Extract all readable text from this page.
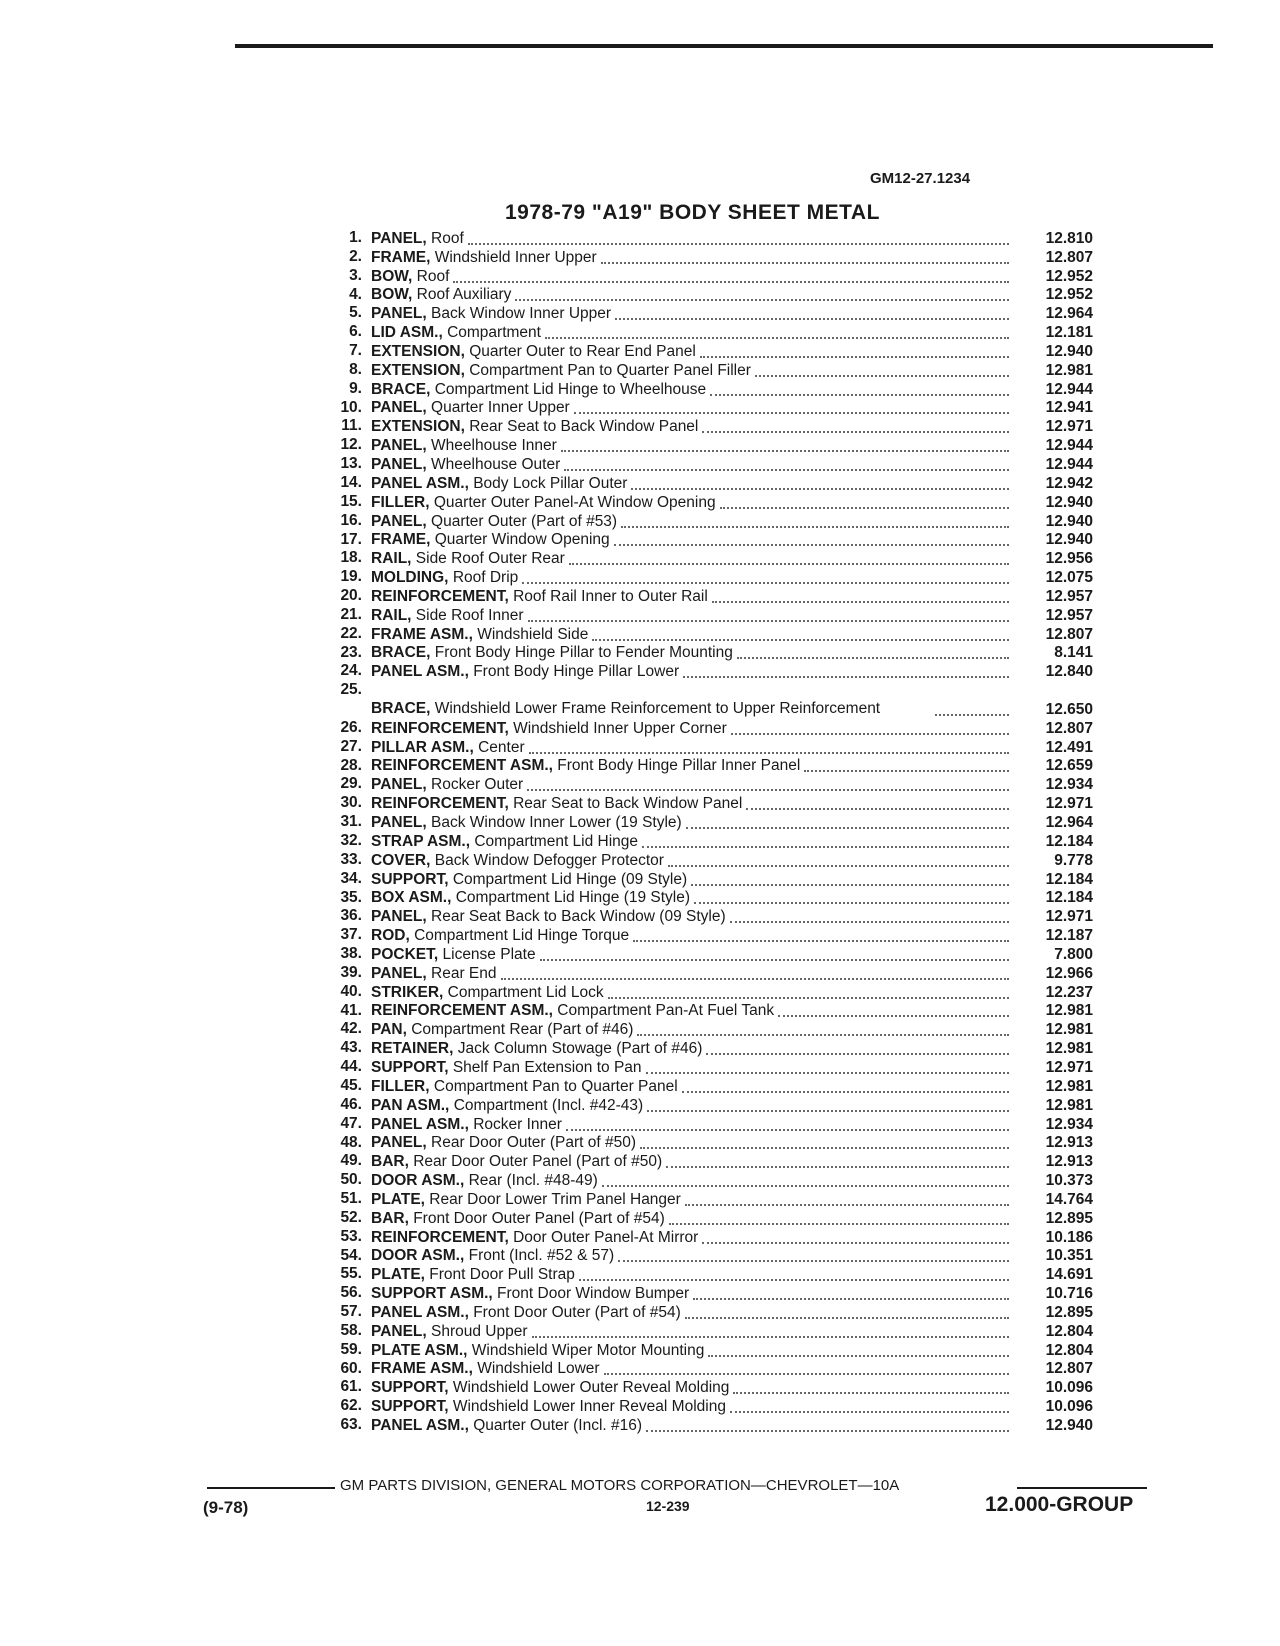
GM12-27.1234
1978-79 "A19" BODY SHEET METAL
1. PANEL, Roof	12.810
2. FRAME, Windshield Inner Upper	12.807
3. BOW, Roof	12.952
4. BOW, Roof Auxiliary	12.952
5. PANEL, Back Window Inner Upper	12.964
6. LID ASM., Compartment	12.181
7. EXTENSION, Quarter Outer to Rear End Panel	12.940
8. EXTENSION, Compartment Pan to Quarter Panel Filler	12.981
9. BRACE, Compartment Lid Hinge to Wheelhouse	12.944
10. PANEL, Quarter Inner Upper	12.941
11. EXTENSION, Rear Seat to Back Window Panel	12.971
12. PANEL, Wheelhouse Inner	12.944
13. PANEL, Wheelhouse Outer	12.944
14. PANEL ASM., Body Lock Pillar Outer	12.942
15. FILLER, Quarter Outer Panel-At Window Opening	12.940
16. PANEL, Quarter Outer (Part of #53)	12.940
17. FRAME, Quarter Window Opening	12.940
18. RAIL, Side Roof Outer Rear	12.956
19. MOLDING, Roof Drip	12.075
20. REINFORCEMENT, Roof Rail Inner to Outer Rail	12.957
21. RAIL, Side Roof Inner	12.957
22. FRAME ASM., Windshield Side	12.807
23. BRACE, Front Body Hinge Pillar to Fender Mounting	8.141
24. PANEL ASM., Front Body Hinge Pillar Lower	12.840
25.
BRACE, Windshield Lower Frame Reinforcement to Upper Reinforcement	12.650
26. REINFORCEMENT, Windshield Inner Upper Corner	12.807
27. PILLAR ASM., Center	12.491
28. REINFORCEMENT ASM., Front Body Hinge Pillar Inner Panel	12.659
29. PANEL, Rocker Outer	12.934
30. REINFORCEMENT, Rear Seat to Back Window Panel	12.971
31. PANEL, Back Window Inner Lower (19 Style)	12.964
32. STRAP ASM., Compartment Lid Hinge	12.184
33. COVER, Back Window Defogger Protector	9.778
34. SUPPORT, Compartment Lid Hinge (09 Style)	12.184
35. BOX ASM., Compartment Lid Hinge (19 Style)	12.184
36. PANEL, Rear Seat Back to Back Window (09 Style)	12.971
37. ROD, Compartment Lid Hinge Torque	12.187
38. POCKET, License Plate	7.800
39. PANEL, Rear End	12.966
40. STRIKER, Compartment Lid Lock	12.237
41. REINFORCEMENT ASM., Compartment Pan-At Fuel Tank	12.981
42. PAN, Compartment Rear (Part of #46)	12.981
43. RETAINER, Jack Column Stowage (Part of #46)	12.981
44. SUPPORT, Shelf Pan Extension to Pan	12.971
45. FILLER, Compartment Pan to Quarter Panel	12.981
46. PAN ASM., Compartment (Incl. #42-43)	12.981
47. PANEL ASM., Rocker Inner	12.934
48. PANEL, Rear Door Outer (Part of #50)	12.913
49. BAR, Rear Door Outer Panel (Part of #50)	12.913
50. DOOR ASM., Rear (Incl. #48-49)	10.373
51. PLATE, Rear Door Lower Trim Panel Hanger	14.764
52. BAR, Front Door Outer Panel (Part of #54)	12.895
53. REINFORCEMENT, Door Outer Panel-At Mirror	10.186
54. DOOR ASM., Front (Incl. #52 & 57)	10.351
55. PLATE, Front Door Pull Strap	14.691
56. SUPPORT ASM., Front Door Window Bumper	10.716
57. PANEL ASM., Front Door Outer (Part of #54)	12.895
58. PANEL, Shroud Upper	12.804
59. PLATE ASM., Windshield Wiper Motor Mounting	12.804
60. FRAME ASM., Windshield Lower	12.807
61. SUPPORT, Windshield Lower Outer Reveal Molding	10.096
62. SUPPORT, Windshield Lower Inner Reveal Molding	10.096
63. PANEL ASM., Quarter Outer (Incl. #16)	12.940
GM PARTS DIVISION, GENERAL MOTORS CORPORATION—CHEVROLET—10A
(9-78)	12-239	12.000-GROUP
